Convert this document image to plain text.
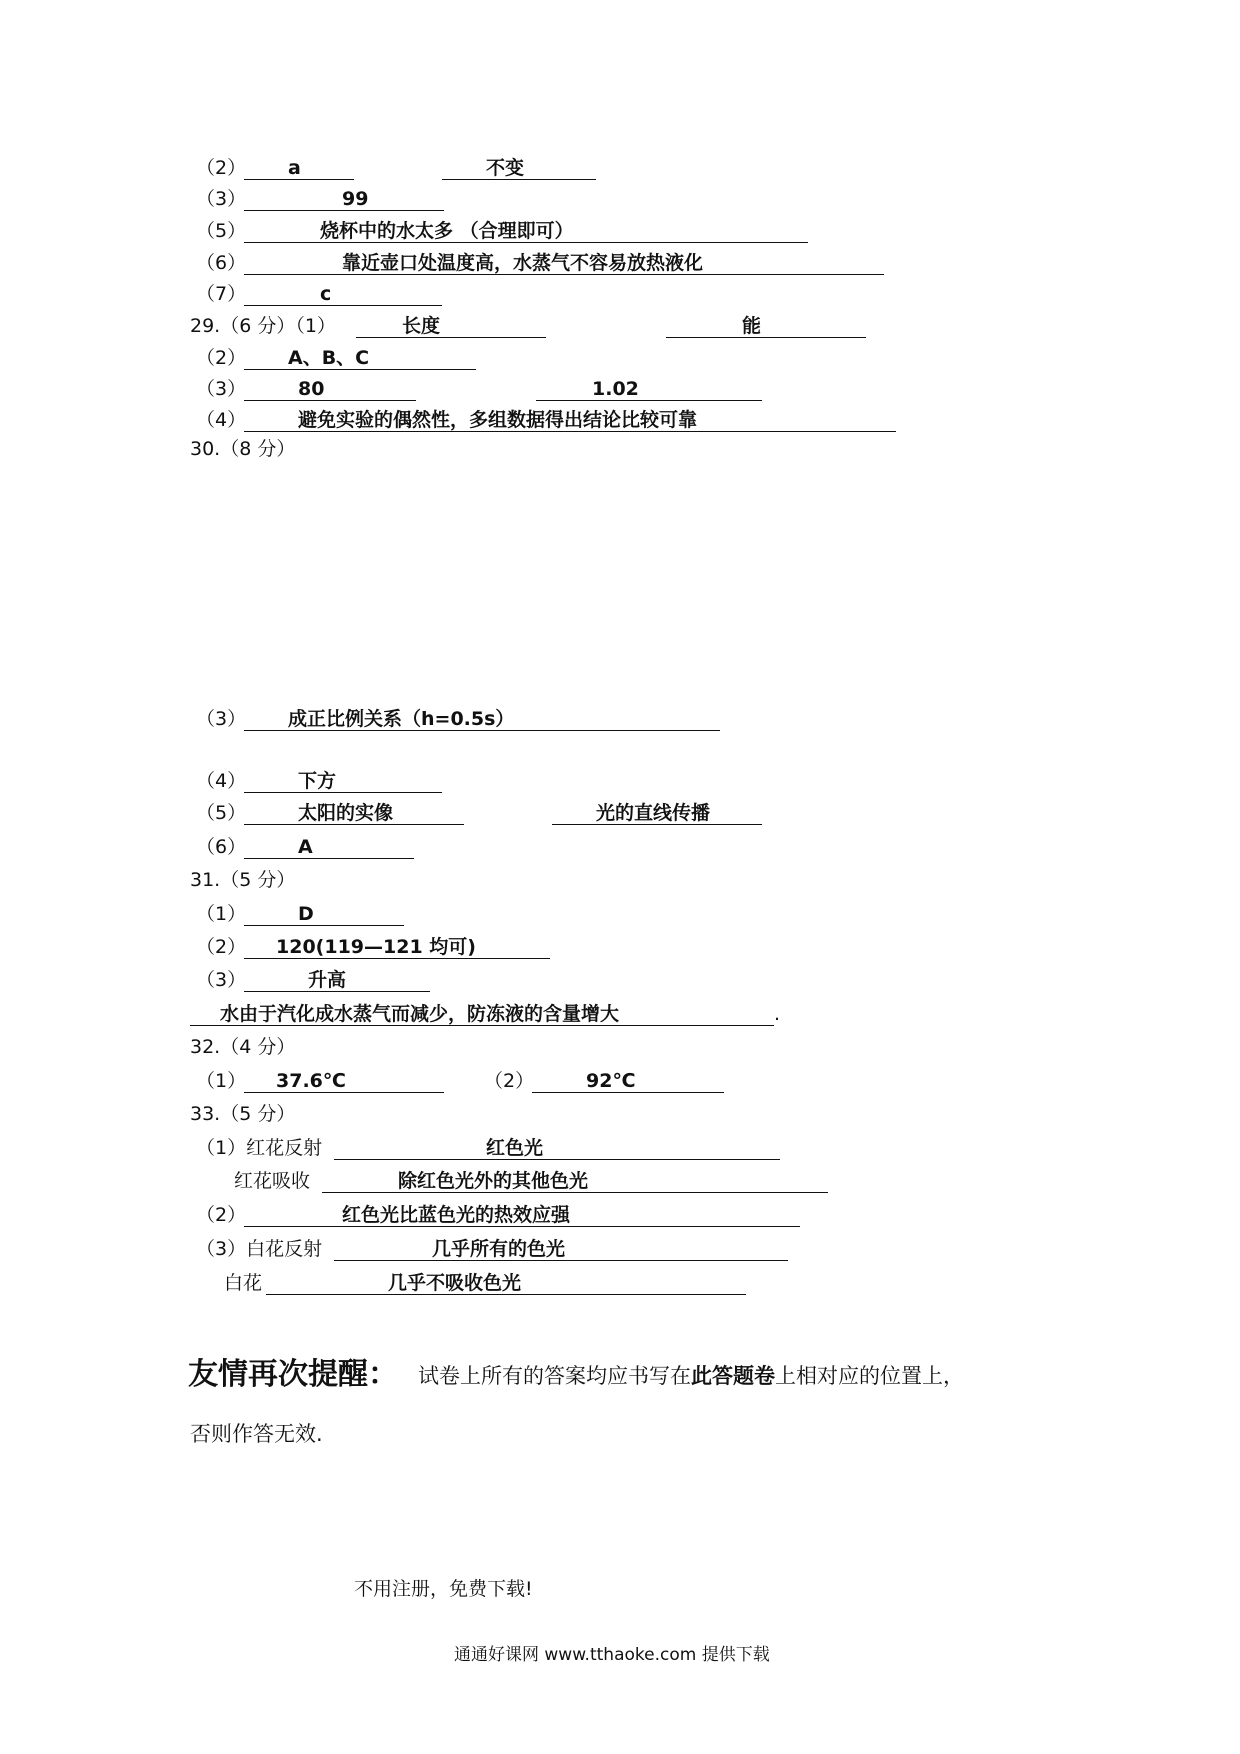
（2） a	不变
（3）	99
（5）	烧杯中的水太多 （合理即可）
（6）	靠近壶口处温度高，水蒸气不容易放热液化
（7）	c
29.（6 分）（1）	长度	能
（2） A、B、C
（3）	80	1.02
（4）	避免实验的偶然性，多组数据得出结论比较可靠
30.（8 分）
（3） 成正比例关系（h=0.5s）
（4）	下方
（5）	太阳的实像	光的直线传播
（6）	A
31.（5 分）
（1）	D
（2） 120(119—121 均可)
（3）	升高
水由于汽化成水蒸气而减少，防冻液的含量增大	.
32.（4 分）
（1） 37.6℃	（2）	92℃
33.（5 分）
（1）红花反射	红色光
红花吸收	除红色光外的其他色光
（2）	红色光比蓝色光的热效应强
（3）白花反射	几乎所有的色光
白花	几乎不吸收色光
友情再次提醒： 试卷上所有的答案均应书写在此答题卷上相对应的位置上，
否则作答无效.
不用注册，免费下载!
通通好课网 www.tthaoke.com 提供下载
